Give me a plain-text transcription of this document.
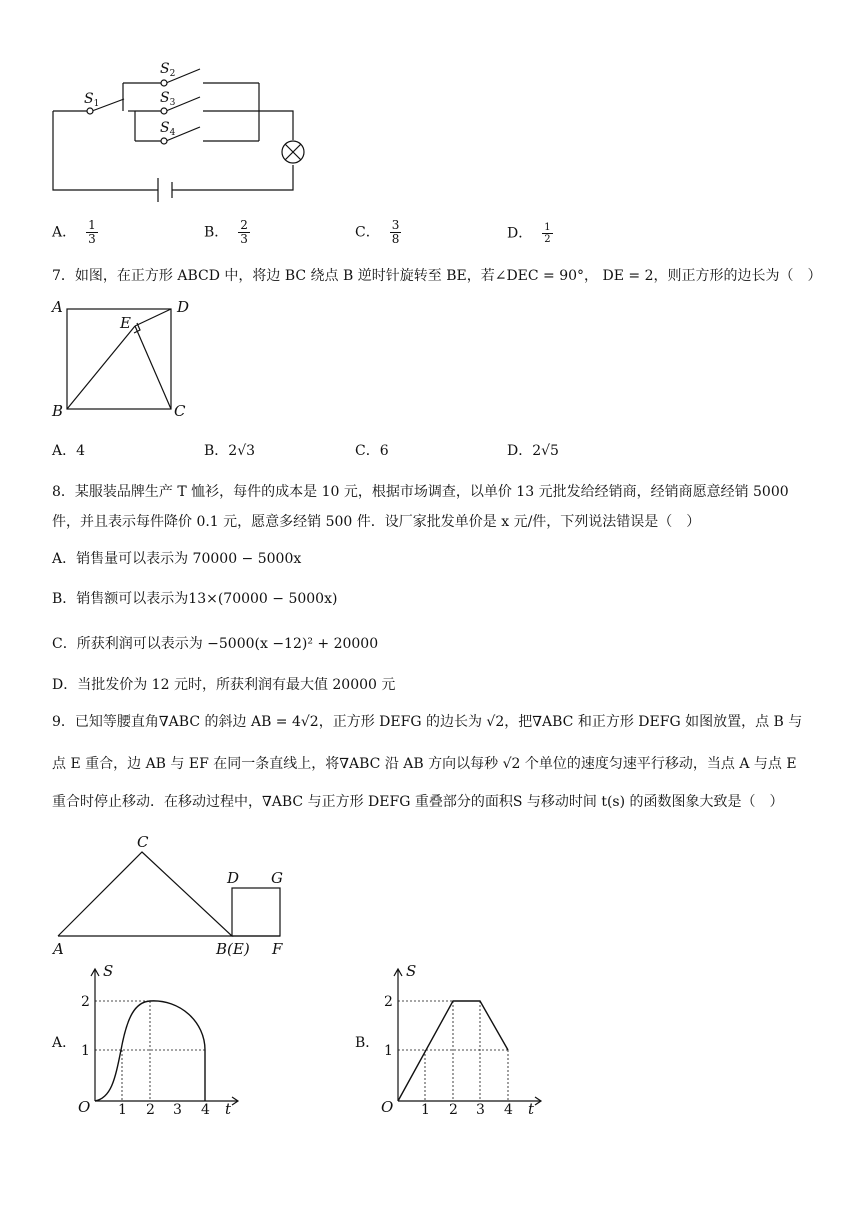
$S_1$
$S_2$
$S_3$
$S_4$
A． $\frac{1}{3}$	B． $\frac{2}{3}$	C． $\frac{3}{8}$	D． $\frac{1}{2}$
7．如图，在正方形 ABCD 中，将边 BC 绕点 B 逆时针旋转至 BE，若∠DEC = 90°， DE = 2，则正方形的边长为（　）
A	D
E
B	C
A．4	B．2√3	C．6	D．2√5
8．某服装品牌生产 T 恤衫，每件的成本是 10 元，根据市场调查，以单价 13 元批发给经销商，经销商愿意经销 5000
件，并且表示每件降价 0.1 元，愿意多经销 500 件．设厂家批发单价是 x 元/件，下列说法错误是（　）
A．销售量可以表示为 70000 − 5000x
B．销售额可以表示为13×(70000 − 5000x)
C．所获利润可以表示为 −5000(x −12)² + 20000
D．当批发价为 12 元时，所获利润有最大值 20000 元
9．已知等腰直角∇ABC 的斜边 AB = 4√2，正方形 DEFG 的边长为 √2，把∇ABC 和正方形 DEFG 如图放置，点 B 与
点 E 重合，边 AB 与 EF 在同一条直线上，将∇ABC 沿 AB 方向以每秒 √2 个单位的速度匀速平行移动，当点 A 与点 E
重合时停止移动．在移动过程中，∇ABC 与正方形 DEFG 重叠部分的面积S 与移动时间 t(s) 的函数图象大致是（　）
C
D G
A	B(E) F
A．
S
t
O
1
2
1 2 3 4
B．
S
t
O
1
2
1 2 3 4
